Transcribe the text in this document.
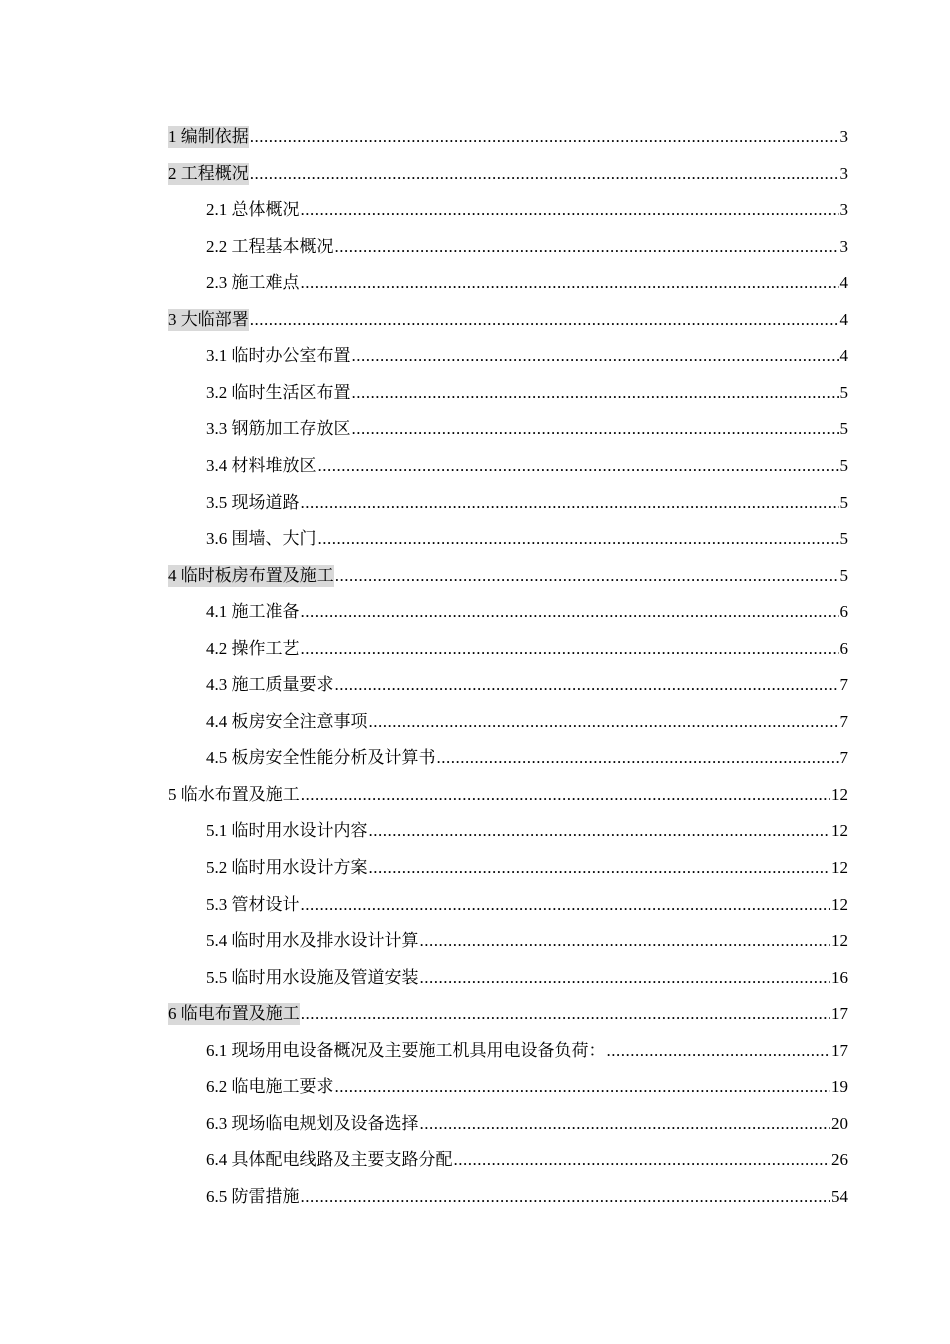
1 编制依据 .....	3
2 工程概况 .....	3
2.1 总体概况 .....	3
2.2 工程基本概况 .....	3
2.3 施工难点 .....	4
3 大临部署 .....	4
3.1 临时办公室布置 .....	4
3.2 临时生活区布置 .....	5
3.3 钢筋加工存放区 .....	5
3.4 材料堆放区 .....	5
3.5 现场道路 .....	5
3.6 围墙、大门 .....	5
4 临时板房布置及施工 .....	5
4.1 施工准备 .....	6
4.2 操作工艺 .....	6
4.3 施工质量要求 .....	7
4.4 板房安全注意事项 .....	7
4.5 板房安全性能分析及计算书 .....	7
5 临水布置及施工 .....	12
5.1 临时用水设计内容 .....	12
5.2 临时用水设计方案 .....	12
5.3 管材设计 .....	12
5.4 临时用水及排水设计计算 .....	12
5.5 临时用水设施及管道安装 .....	16
6 临电布置及施工 .....	17
6.1 现场用电设备概况及主要施工机具用电设备负荷： .....	17
6.2 临电施工要求 .....	19
6.3 现场临电规划及设备选择 .....	20
6.4 具体配电线路及主要支路分配 .....	26
6.5 防雷措施 .....	54
